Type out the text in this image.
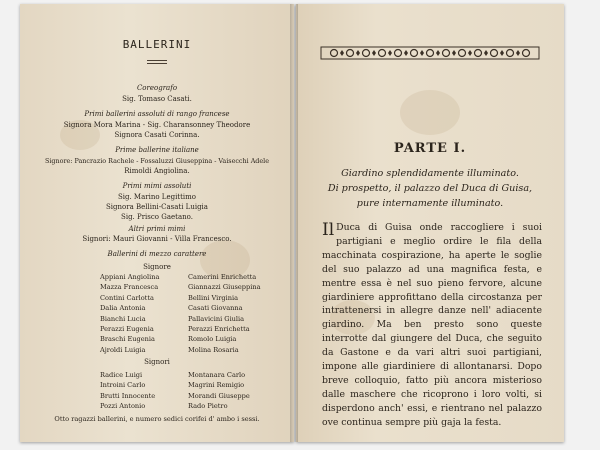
BALLERINI
Coreografo
Sig. Tomaso Casati.
Primi ballerini assoluti di rango francese
Signora Mora Marina - Sig. Charansonney Theodore
Signora Casati Corinna.
Prime ballerine italiane
Signore: Pancrazio Rachele - Fossaluzzi Giuseppina - Vaisecchi Adele
Rimoldi Angiolina.
Primi mimi assoluti
Sig. Marino Legittimo
Signora Bellini-Casati Luigia
Sig. Prisco Gaetano.
Altri primi mimi
Signori: Mauri Giovanni - Villa Francesco.
Ballerini di mezzo carattere
Signore
Appiani Angiolina
Mazza Francesca
Contini Carlotta
Dalia Antonia
Bianchi Lucia
Perazzi Eugenia
Braschi Eugenia
Ajroldi Luigia
Camerini Enrichetta
Giannazzi Giuseppina
Bellini Virginia
Casati Giovanna
Pallavicini Giulia
Perazzi Enrichetta
Romolo Luigia
Molina Rosaria
Signori
Radice Luigi
Introini Carlo
Brutti Innocente
Pozzi Antonio
Montanara Carlo
Magrini Remigio
Morandi Giuseppe
Rado Pietro
Otto ragazzi ballerini, e numero sedici corifei d' ambo i sessi.
PARTE I.
Giardino splendidamente illuminato.
Di prospetto, il palazzo del Duca di Guisa,
pure internamente illuminato.
Il Duca di Guisa onde raccogliere i suoi partigiani e meglio ordire le fila della macchinata cospirazione, ha aperte le soglie del suo palazzo ad una magnifica festa, e mentre essa è nel suo pieno fervore, alcune giardiniere approfittano della circostanza per intrattenersi in allegre danze nell' adiacente giardino. Ma ben presto sono queste interrotte dal giungere del Duca, che seguito da Gastone e da vari altri suoi partigiani, impone alle giardiniere di allontanarsi. Dopo breve colloquio, fatto più ancora misterioso dalle maschere che ricoprono i loro volti, si disperdono anch' essi, e rientrano nel palazzo ove continua sempre più gaja la festa.
